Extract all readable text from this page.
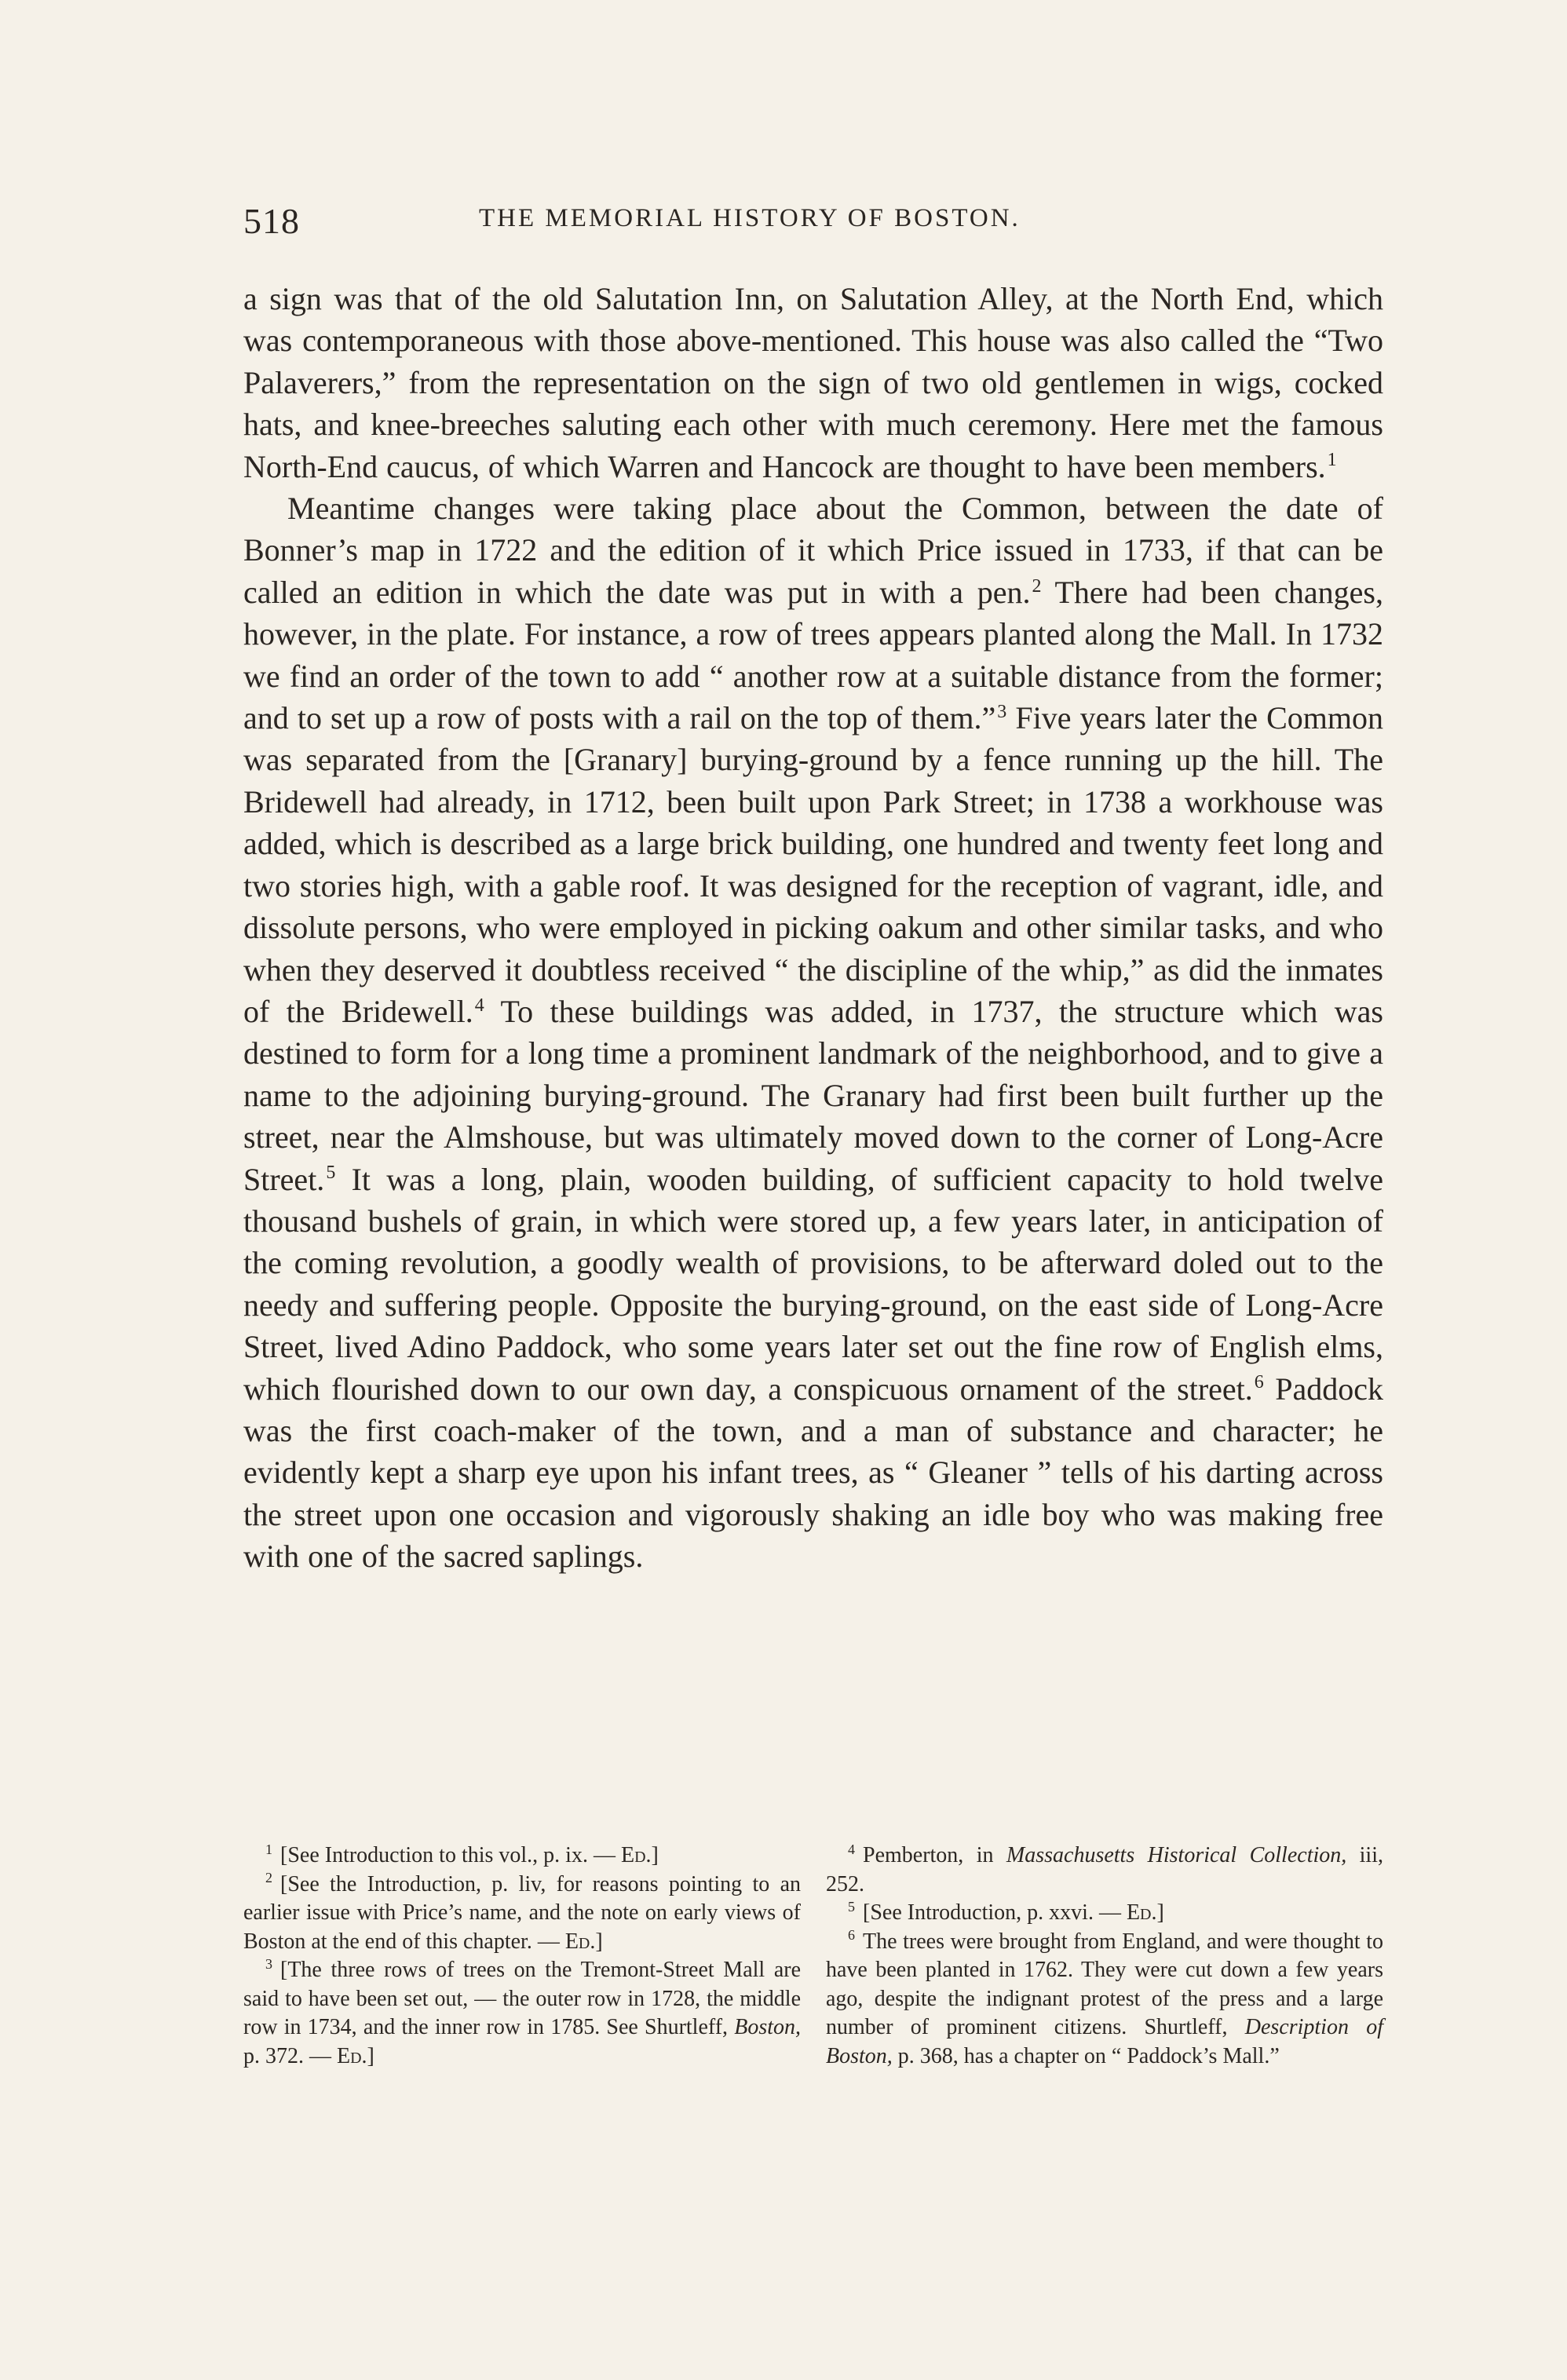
518	THE MEMORIAL HISTORY OF BOSTON.

a sign was that of the old Salutation Inn, on Salutation Alley, at the North End, which was contemporaneous with those above-mentioned. This house was also called the “Two Palaverers,” from the representation on the sign of two old gentlemen in wigs, cocked hats, and knee-breeches saluting each other with much ceremony. Here met the famous North-End caucus, of which Warren and Hancock are thought to have been members.$^1$

Meantime changes were taking place about the Common, between the date of Bonner’s map in 1722 and the edition of it which Price issued in 1733, if that can be called an edition in which the date was put in with a pen.$^2$ There had been changes, however, in the plate. For instance, a row of trees appears planted along the Mall. In 1732 we find an order of the town to add “ another row at a suitable distance from the former; and to set up a row of posts with a rail on the top of them.”$^3$ Five years later the Common was separated from the [Granary] burying-ground by a fence running up the hill. The Bridewell had already, in 1712, been built upon Park Street; in 1738 a workhouse was added, which is described as a large brick building, one hundred and twenty feet long and two stories high, with a gable roof. It was designed for the reception of vagrant, idle, and dissolute persons, who were employed in picking oakum and other similar tasks, and who when they deserved it doubtless received “ the discipline of the whip,” as did the inmates of the Bridewell.$^4$ To these buildings was added, in 1737, the structure which was destined to form for a long time a prominent landmark of the neighborhood, and to give a name to the adjoining burying-ground. The Granary had first been built further up the street, near the Almshouse, but was ultimately moved down to the corner of Long-Acre Street.$^5$ It was a long, plain, wooden building, of sufficient capacity to hold twelve thousand bushels of grain, in which were stored up, a few years later, in anticipation of the coming revolution, a goodly wealth of provisions, to be afterward doled out to the needy and suffering people. Opposite the burying-ground, on the east side of Long-Acre Street, lived Adino Paddock, who some years later set out the fine row of English elms, which flourished down to our own day, a conspicuous ornament of the street.$^6$ Paddock was the first coach-maker of the town, and a man of substance and character; he evidently kept a sharp eye upon his infant trees, as “ Gleaner ” tells of his darting across the street upon one occasion and vigorously shaking an idle boy who was making free with one of the sacred saplings.

$^1$ [See Introduction to this vol., p. ix. — Ed.]

$^2$ [See the Introduction, p. liv, for reasons pointing to an earlier issue with Price’s name, and the note on early views of Boston at the end of this chapter. — Ed.]

$^3$ [The three rows of trees on the Tremont-Street Mall are said to have been set out, — the outer row in 1728, the middle row in 1734, and the inner row in 1785. See Shurtleff, Boston, p. 372. — Ed.]

$^4$ Pemberton, in Massachusetts Historical Collection, iii, 252.

$^5$ [See Introduction, p. xxvi. — Ed.]

$^6$ The trees were brought from England, and were thought to have been planted in 1762. They were cut down a few years ago, despite the indignant protest of the press and a large number of prominent citizens. Shurtleff, Description of Boston, p. 368, has a chapter on “ Paddock’s Mall.”
